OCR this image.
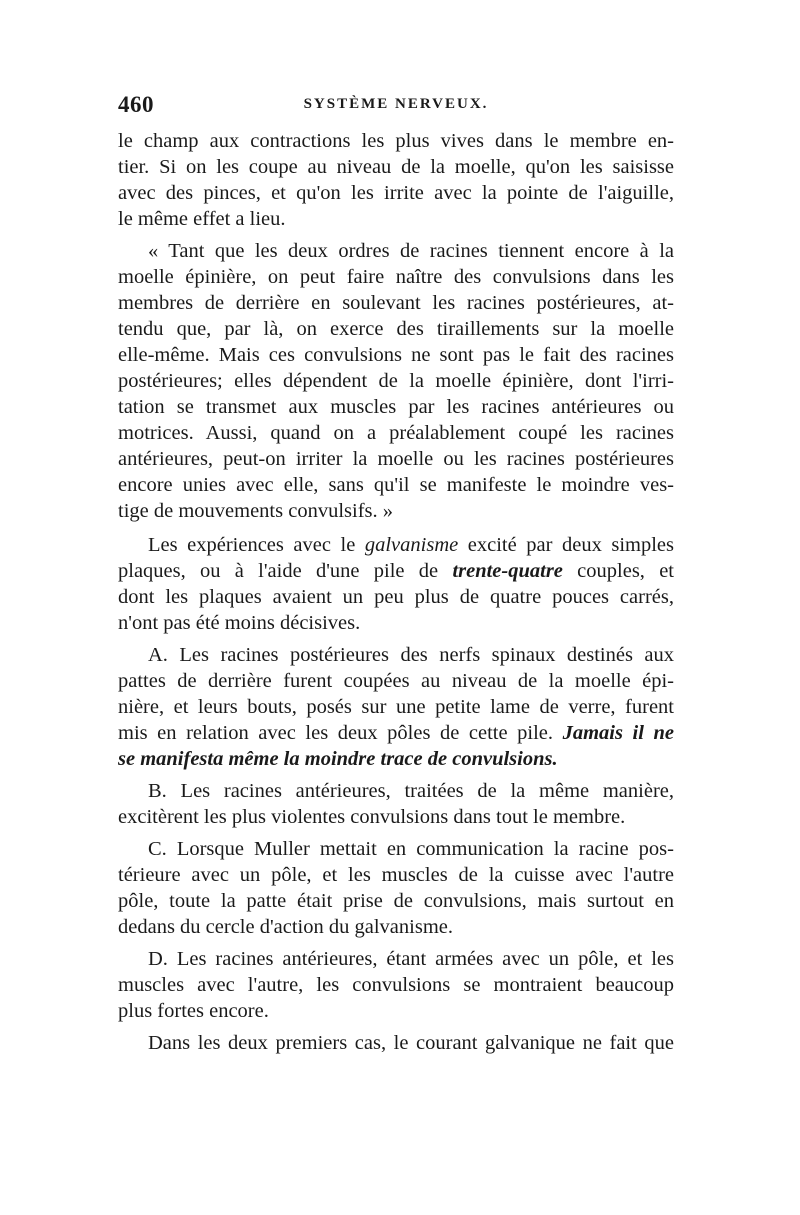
460	SYSTÈME NERVEUX.
le champ aux contractions les plus vives dans le membre en-
tier. Si on les coupe au niveau de la moelle, qu'on les saisisse
avec des pinces, et qu'on les irrite avec la pointe de l'aiguille,
le même effet a lieu.
« Tant que les deux ordres de racines tiennent encore à la
moelle épinière, on peut faire naître des convulsions dans les
membres de derrière en soulevant les racines postérieures, at-
tendu que, par là, on exerce des tiraillements sur la moelle
elle-même. Mais ces convulsions ne sont pas le fait des racines
postérieures; elles dépendent de la moelle épinière, dont l'irri-
tation se transmet aux muscles par les racines antérieures ou
motrices. Aussi, quand on a préalablement coupé les racines
antérieures, peut-on irriter la moelle ou les racines postérieures
encore unies avec elle, sans qu'il se manifeste le moindre ves-
tige de mouvements convulsifs. »
Les expériences avec le galvanisme excité par deux simples
plaques, ou à l'aide d'une pile de trente-quatre couples, et
dont les plaques avaient un peu plus de quatre pouces carrés,
n'ont pas été moins décisives.
A. Les racines postérieures des nerfs spinaux destinés aux
pattes de derrière furent coupées au niveau de la moelle épi-
nière, et leurs bouts, posés sur une petite lame de verre, furent
mis en relation avec les deux pôles de cette pile. Jamais il ne
se manifesta même la moindre trace de convulsions.
B. Les racines antérieures, traitées de la même manière,
excitèrent les plus violentes convulsions dans tout le membre.
C. Lorsque Muller mettait en communication la racine pos-
térieure avec un pôle, et les muscles de la cuisse avec l'autre
pôle, toute la patte était prise de convulsions, mais surtout en
dedans du cercle d'action du galvanisme.
D. Les racines antérieures, étant armées avec un pôle, et les
muscles avec l'autre, les convulsions se montraient beaucoup
plus fortes encore.
Dans les deux premiers cas, le courant galvanique ne fait que
